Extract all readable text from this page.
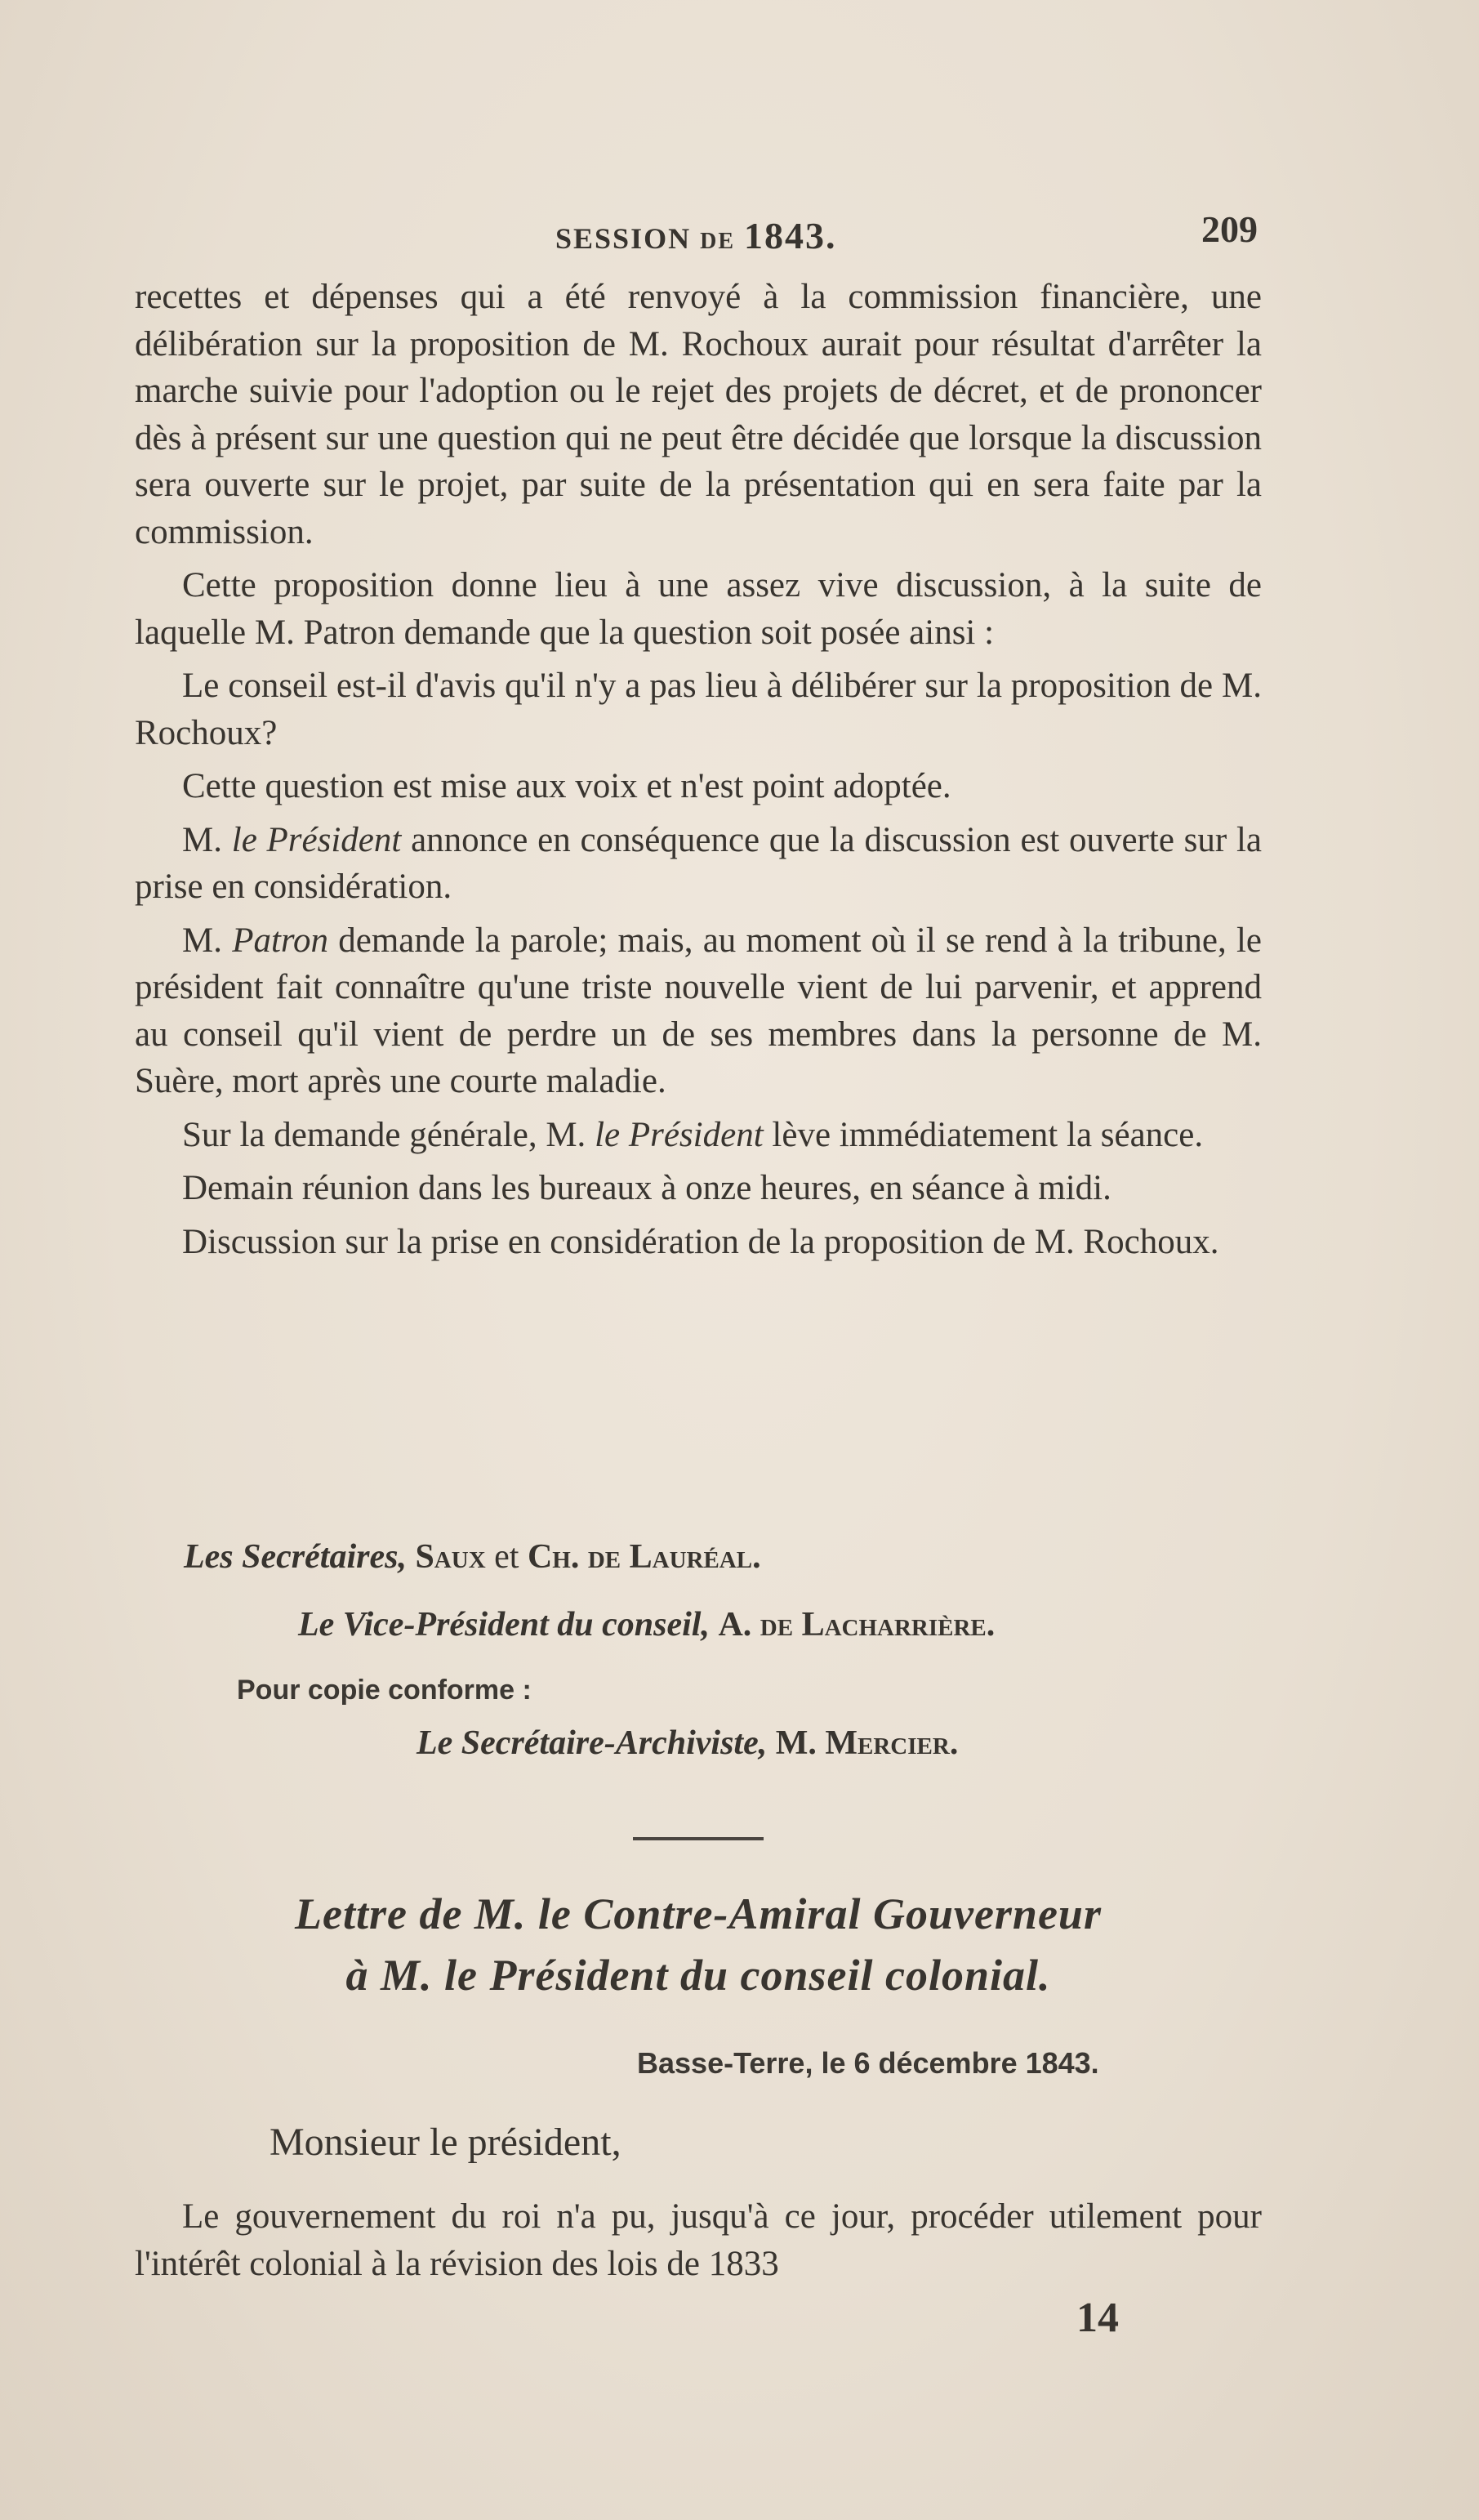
SESSION DE 1843.	209

recettes et dépenses qui a été renvoyé à la commission financière, une délibération sur la proposition de M. Rochoux aurait pour résultat d'arrêter la marche suivie pour l'adoption ou le rejet des projets de décret, et de prononcer dès à présent sur une question qui ne peut être décidée que lorsque la discussion sera ouverte sur le projet, par suite de la présentation qui en sera faite par la commission.

Cette proposition donne lieu à une assez vive discussion, à la suite de laquelle M. Patron demande que la question soit posée ainsi :

Le conseil est-il d'avis qu'il n'y a pas lieu à délibérer sur la proposition de M. Rochoux?

Cette question est mise aux voix et n'est point adoptée.

M. le Président annonce en conséquence que la discussion est ouverte sur la prise en considération.

M. Patron demande la parole; mais, au moment où il se rend à la tribune, le président fait connaître qu'une triste nouvelle vient de lui parvenir, et apprend au conseil qu'il vient de perdre un de ses membres dans la personne de M. Suère, mort après une courte maladie.

Sur la demande générale, M. le Président lève immédiatement la séance.

Demain réunion dans les bureaux à onze heures, en séance à midi.

Discussion sur la prise en considération de la proposition de M. Rochoux.

Les Secrétaires, Saux et Ch. de Lauréal.
Le Vice-Président du conseil, A. de Lacharrière.
Pour copie conforme :
Le Secrétaire-Archiviste, M. Mercier.
Lettre de M. le Contre-Amiral Gouverneur
à M. le Président du conseil colonial.
Basse-Terre, le 6 décembre 1843.
Monsieur le président,

Le gouvernement du roi n'a pu, jusqu'à ce jour, procéder utilement pour l'intérêt colonial à la révision des lois de 1833

14
